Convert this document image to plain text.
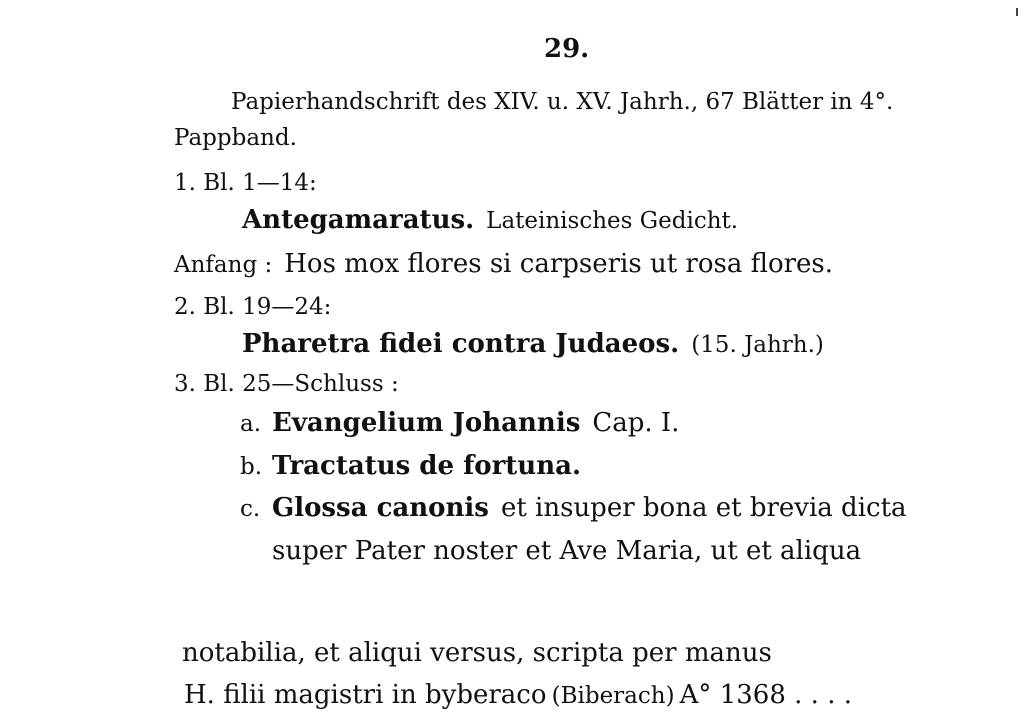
29.
Papierhandschrift des XIV. u. XV. Jahrh., 67 Blätter in 4°.
Pappband.
1. Bl. 1—14:
Antegamaratus. Lateinisches Gedicht.
Anfang : Hos mox flores si carpseris ut rosa flores.
2. Bl. 19—24:
Pharetra fidei contra Judaeos. (15. Jahrh.)
3. Bl. 25—Schluss :
a. Evangelium Johannis Cap. I.
b. Tractatus de fortuna.
c. Glossa canonis et insuper bona et brevia dicta
super Pater noster et Ave Maria, ut et aliqua
notabilia, et aliqui versus, scripta per manus
H. filii magistri in byberaco (Biberach) A° 1368 . . . .
